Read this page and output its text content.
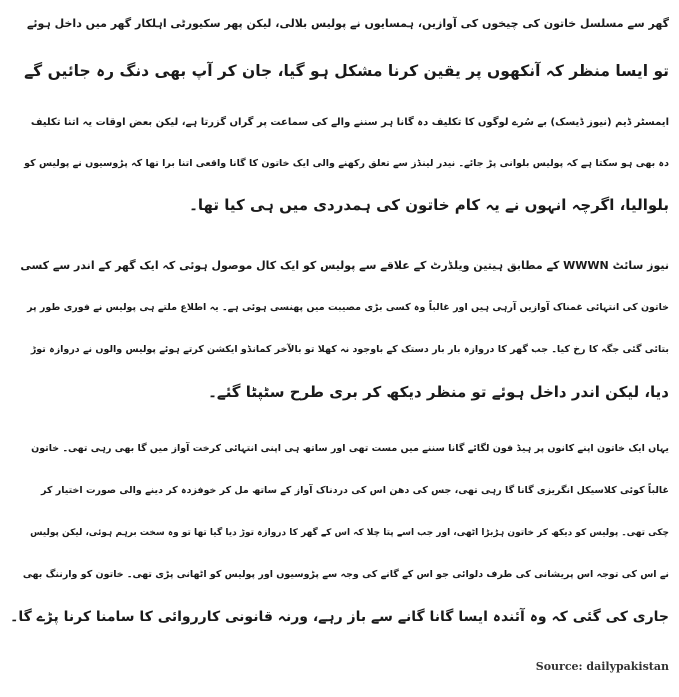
گھر سے مسلسل خاتون کی چیخوں کی آوازیں، ہمسایوں نے پولیس بلالی، لیکن پھر سکیورٹی اہلکار گھر میں داخل ہوئے
تو ایسا منظر کہ آنکھوں پر یقین کرنا مشکل ہو گیا، جان کر آپ بھی دنگ رہ جائیں گے
ایمسٹر ڈیم (نیوز ڈیسک) بے سُرے لوگوں کا تکلیف دہ گانا ہر سننے والے کی سماعت پر گراں گزرتا ہے، لیکن بعض اوقات یہ اتنا تکلیف
دہ بھی ہو سکتا ہے کہ پولیس بلوانی پڑ جائے۔ نیدر لینڈز سے تعلق رکھنے والی ایک خاتون کا گانا واقعی اتنا برا تھا کہ پڑوسیوں نے پولیس کو
بلوالیا، اگرچہ انہوں نے یہ کام خاتون کی ہمدردی میں ہی کیا تھا۔
نیوز سائٹ WWWN کے مطابق ہیتین ویلڈرٹ کے علاقے سے پولیس کو ایک کال موصول ہوئی کہ ایک گھر کے اندر سے کسی
خاتون کی انتہائی غمناک آوازیں آرہی ہیں اور غالباً وہ کسی بڑی مصیبت میں پھنسی ہوئی ہے۔ یہ اطلاع ملتے ہی پولیس نے فوری طور پر
بتائی گئی جگہ کا رخ کیا۔ جب گھر کا دروازہ بار بار دستک کے باوجود نہ کھلا تو بالآخر کمانڈو ایکشن کرتے ہوئے پولیس والوں نے دروازہ توڑ
دیا، لیکن اندر داخل ہوئے تو منظر دیکھ کر بری طرح سٹپٹا گئے۔
یہاں ایک خاتون اپنے کانوں پر ہیڈ فون لگائے گانا سننے میں مست تھی اور ساتھ ہی اپنی انتہائی کرخت آواز میں گا بھی رہی تھی۔ خاتون
غالباً کوئی کلاسیکل انگریزی گانا گا رہی تھی، جس کی دھن اس کی دردناک آواز کے ساتھ مل کر خوفزدہ کر دینے والی صورت اختیار کر
چکی تھی۔ پولیس کو دیکھ کر خاتون ہڑبڑا اٹھی، اور جب اسے پتا چلا کہ اس کے گھر کا دروازہ توڑ دیا گیا تھا تو وہ سخت برہم ہوئی، لیکن پولیس
نے اس کی توجہ اس پریشانی کی طرف دلوائی جو اس کے گانے کی وجہ سے پڑوسیوں اور پولیس کو اٹھانی پڑی تھی۔ خاتون کو وارننگ بھی
جاری کی گئی کہ وہ آئندہ ایسا گانا گانے سے باز رہے، ورنہ قانونی کارروائی کا سامنا کرنا پڑے گا۔
Source: dailypakistan
